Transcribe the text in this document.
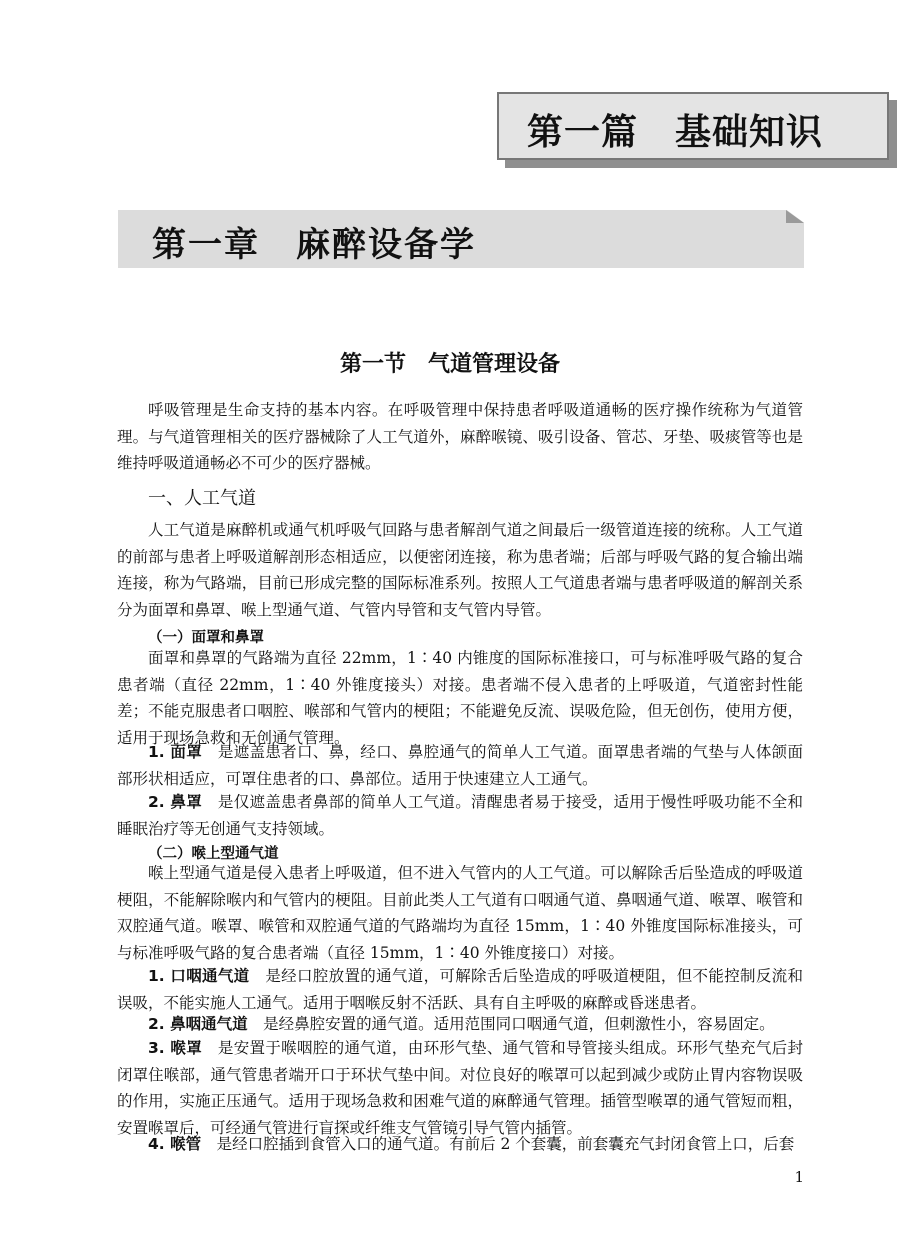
第一篇　基础知识
第一章　麻醉设备学
第一节　气道管理设备

呼吸管理是生命支持的基本内容。在呼吸管理中保持患者呼吸道通畅的医疗操作统称为气道管理。与气道管理相关的医疗器械除了人工气道外，麻醉喉镜、吸引设备、管芯、牙垫、吸痰管等也是维持呼吸道通畅必不可少的医疗器械。

一、人工气道

人工气道是麻醉机或通气机呼吸气回路与患者解剖气道之间最后一级管道连接的统称。人工气道的前部与患者上呼吸道解剖形态相适应，以便密闭连接，称为患者端；后部与呼吸气路的复合输出端连接，称为气路端，目前已形成完整的国际标准系列。按照人工气道患者端与患者呼吸道的解剖关系分为面罩和鼻罩、喉上型通气道、气管内导管和支气管内导管。

（一）面罩和鼻罩

面罩和鼻罩的气路端为直径 22mm，1∶40 内锥度的国际标准接口，可与标准呼吸气路的复合患者端（直径 22mm，1∶40 外锥度接头）对接。患者端不侵入患者的上呼吸道，气道密封性能差；不能克服患者口咽腔、喉部和气管内的梗阻；不能避免反流、误吸危险，但无创伤，使用方便，适用于现场急救和无创通气管理。

1. 面罩　是遮盖患者口、鼻，经口、鼻腔通气的简单人工气道。面罩患者端的气垫与人体颌面部形状相适应，可罩住患者的口、鼻部位。适用于快速建立人工通气。

2. 鼻罩　是仅遮盖患者鼻部的简单人工气道。清醒患者易于接受，适用于慢性呼吸功能不全和睡眠治疗等无创通气支持领域。

（二）喉上型通气道

喉上型通气道是侵入患者上呼吸道，但不进入气管内的人工气道。可以解除舌后坠造成的呼吸道梗阻，不能解除喉内和气管内的梗阻。目前此类人工气道有口咽通气道、鼻咽通气道、喉罩、喉管和双腔通气道。喉罩、喉管和双腔通气道的气路端均为直径 15mm，1∶40 外锥度国际标准接头，可与标准呼吸气路的复合患者端（直径 15mm，1∶40 外锥度接口）对接。

1. 口咽通气道　是经口腔放置的通气道，可解除舌后坠造成的呼吸道梗阻，但不能控制反流和误吸，不能实施人工通气。适用于咽喉反射不活跃、具有自主呼吸的麻醉或昏迷患者。

2. 鼻咽通气道　是经鼻腔安置的通气道。适用范围同口咽通气道，但刺激性小，容易固定。

3. 喉罩　是安置于喉咽腔的通气道，由环形气垫、通气管和导管接头组成。环形气垫充气后封闭罩住喉部，通气管患者端开口于环状气垫中间。对位良好的喉罩可以起到减少或防止胃内容物误吸的作用，实施正压通气。适用于现场急救和困难气道的麻醉通气管理。插管型喉罩的通气管短而粗，安置喉罩后，可经通气管进行盲探或纤维支气管镜引导气管内插管。

4. 喉管　是经口腔插到食管入口的通气道。有前后 2 个套囊，前套囊充气封闭食管上口，后套

1
